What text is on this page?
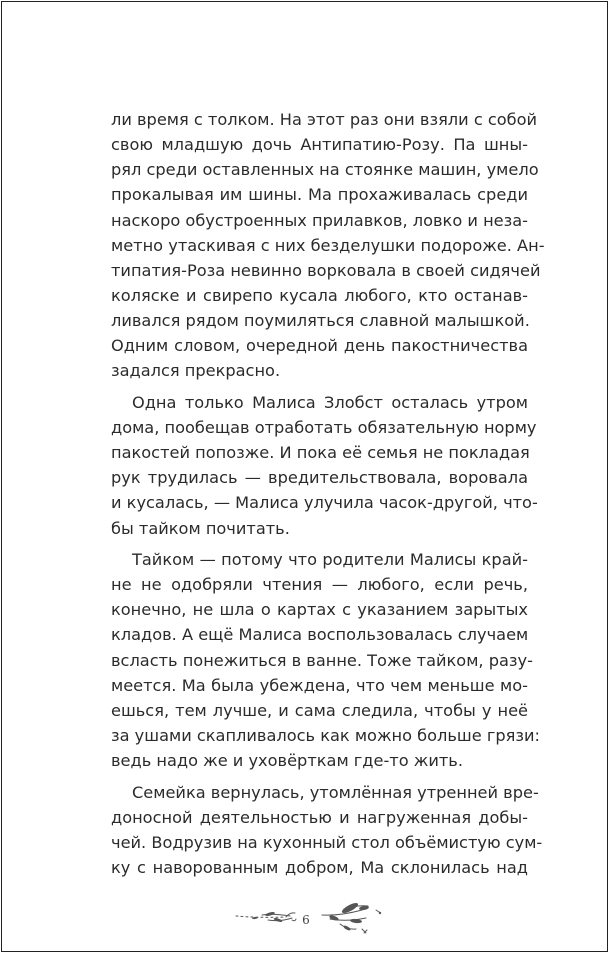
ли время с толком. На этот раз они взяли с собой
свою младшую дочь Антипатию-Розу. Па шны-
рял среди оставленных на стоянке машин, умело
прокалывая им шины. Ма прохаживалась среди
наскоро обустроенных прилавков, ловко и неза-
метно утаскивая с них безделушки подороже. Ан-
типатия-Роза невинно ворковала в своей сидячей
коляске и свирепо кусала любого, кто останав-
ливался рядом поумиляться славной малышкой.
Одним словом, очередной день пакостничества
задался прекрасно.
Одна только Малиса Злобст осталась утром
дома, пообещав отработать обязательную норму
пакостей попозже. И пока её семья не покладая
рук трудилась — вредительствовала, воровала
и кусалась, — Малиса улучила часок-другой, что-
бы тайком почитать.
Тайком — потому что родители Малисы край-
не не одобряли чтения — любого, если речь,
конечно, не шла о картах с указанием зарытых
кладов. А ещё Малиса воспользовалась случаем
всласть понежиться в ванне. Тоже тайком, разу-
меется. Ма была убеждена, что чем меньше мо-
ешься, тем лучше, и сама следила, чтобы у неё
за ушами скапливалось как можно больше грязи:
ведь надо же и уховёрткам где-то жить.
Семейка вернулась, утомлённая утренней вре-
доносной деятельностью и нагруженная добы-
чей. Водрузив на кухонный стол объёмистую сум-
ку с наворованным добром, Ма склонилась над
6
